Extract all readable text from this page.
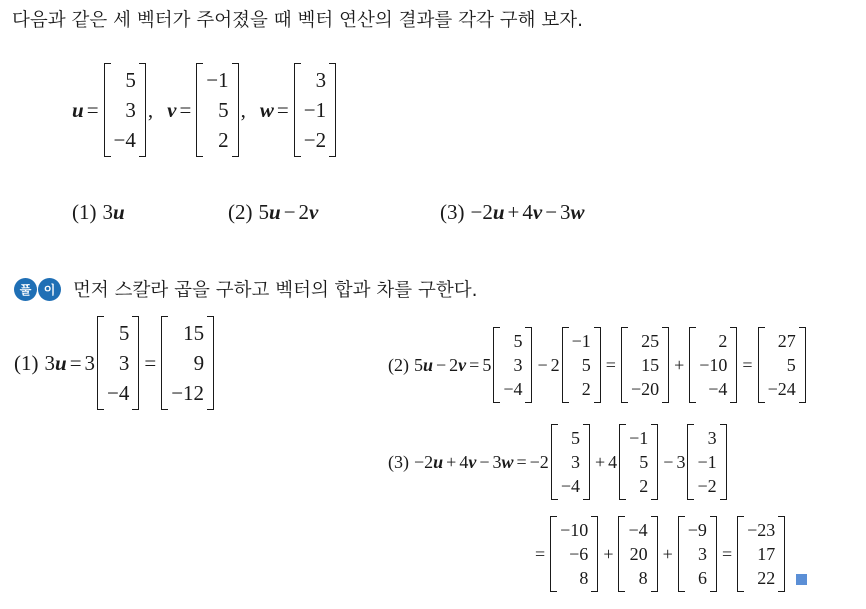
다음과 같은 세 벡터가 주어졌을 때 벡터 연산의 결과를 각각 구해 보자.
u =
5
3
−4
, v =
−1
5
2
, w =
3
−1
−2
(1) 3 u	(2) 5 u − 2 v	(3) −2 u + 4 v − 3 w
풀	이 먼저 스칼라 곱을 구하고 벡터의 합과 차를 구한다.
(1) 3 u = 3
5
3
−4
=
15
9
−12
(2) 5 u − 2 v = 5
5
3
−4
− 2
−1
5
2
=
25
15
−20
+
2
−10
−4
=
27
5
−24
(3) −2 u + 4 v − 3 w = −2
5
3
−4
+ 4
−1
5
2
− 3
3
−1
−2
=
−10
−6
8
+
−4
20
8
+
−9
3
6
=
−23
17
22
